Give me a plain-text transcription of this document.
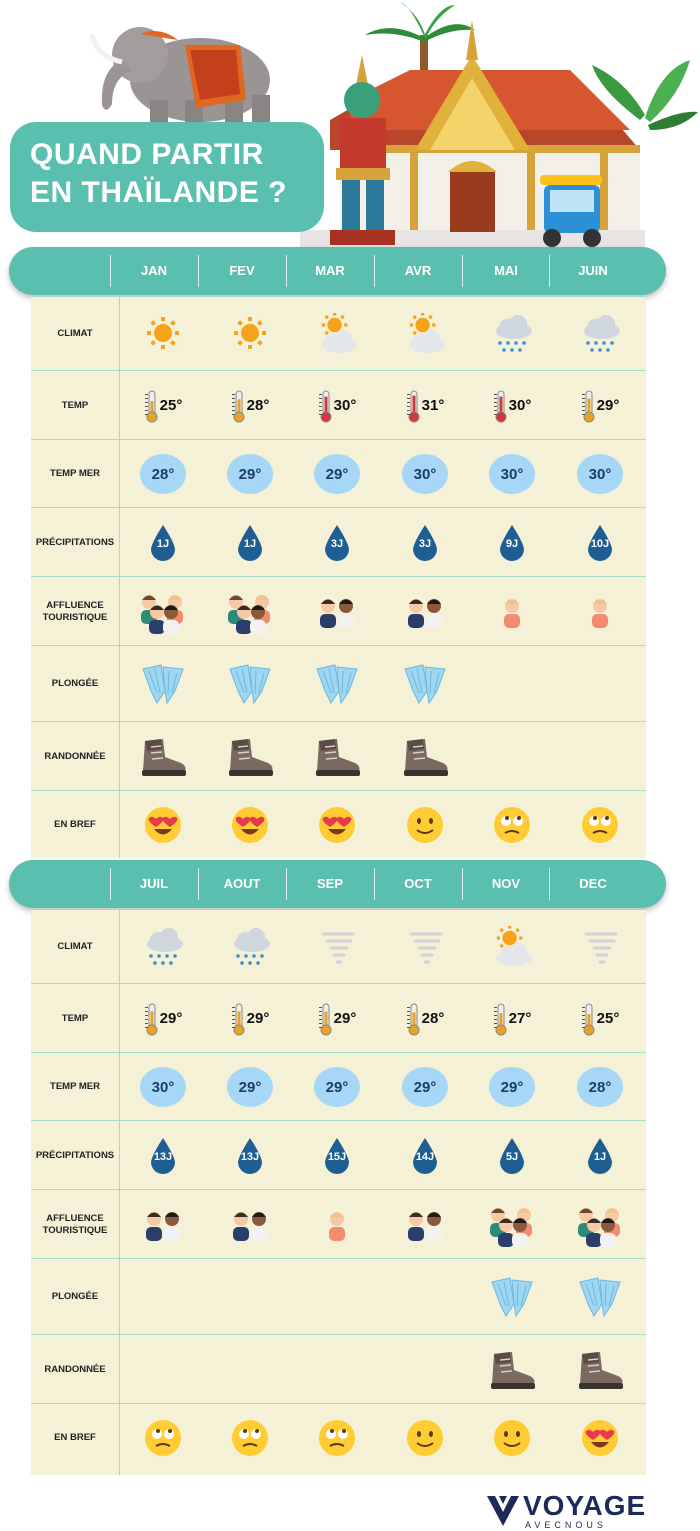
QUAND PARTIR
EN THAÏLANDE ?
JAN	FEV	MAR	AVR	MAI	JUIN
CLIMAT
TEMP	25°	28°	30°	31°	30°	29°
TEMP MER	28°	29°	29°	30°	30°	30°
PRÉCIPITATIONS	1J	1J	3J	3J	9J	10J
AFFLUENCE
TOURISTIQUE
PLONGÉE
RANDONNÉE
EN BREF
JUIL	AOUT	SEP	OCT	NOV	DEC
CLIMAT
TEMP	29°	29°	29°	28°	27°	25°
TEMP MER	30°	29°	29°	29°	29°	28°
PRÉCIPITATIONS	13J	13J	15J	14J	5J	1J
AFFLUENCE
TOURISTIQUE
PLONGÉE
RANDONNÉE
EN BREF
VOYAGE
AVECNOUS
